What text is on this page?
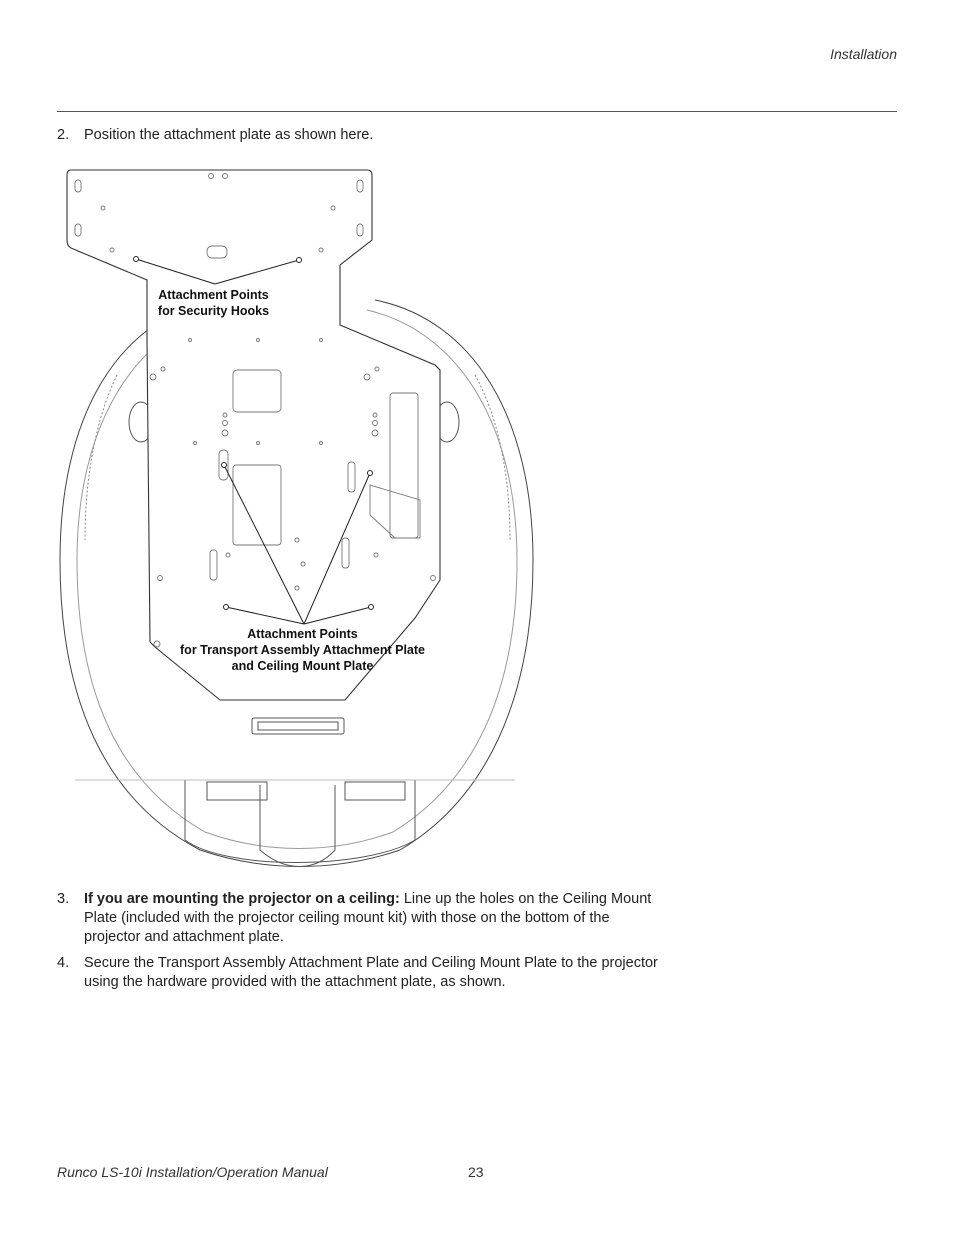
Installation
2. Position the attachment plate as shown here.
Attachment Points
for Security Hooks
Attachment Points
for Transport Assembly Attachment Plate
and Ceiling Mount Plate
3. If you are mounting the projector on a ceiling: Line up the holes on the Ceiling Mount Plate (included with the projector ceiling mount kit) with those on the bottom of the projector and attachment plate.
4. Secure the Transport Assembly Attachment Plate and Ceiling Mount Plate to the projector using the hardware provided with the attachment plate, as shown.
Runco LS-10i Installation/Operation Manual	23
